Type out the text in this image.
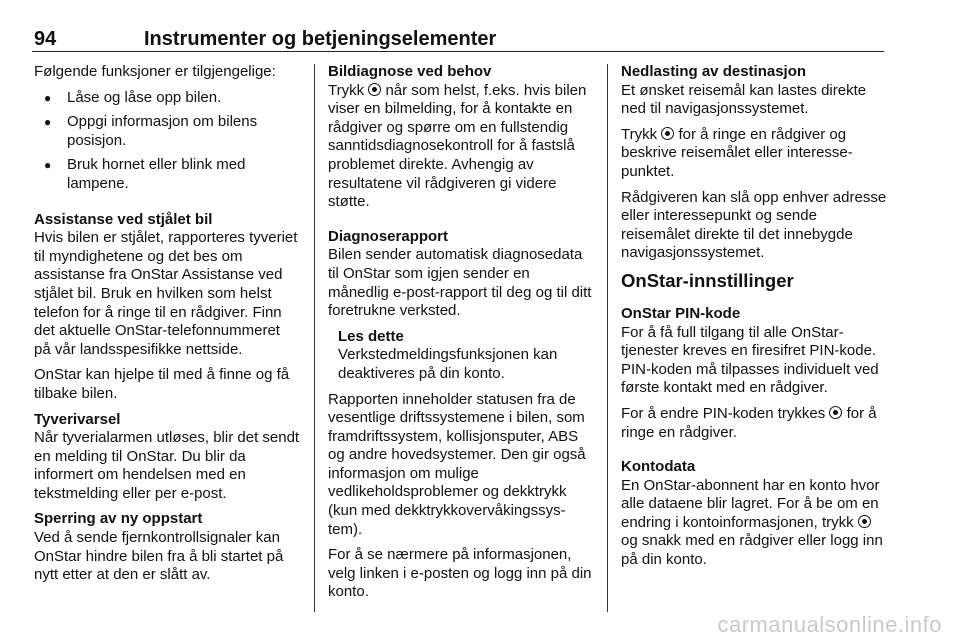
94	Instrumenter og betjeningselementer

Følgende funksjoner er tilgjengelige:

● Låse og låse opp bilen.
● Oppgi informasjon om bilens posisjon.
● Bruk hornet eller blink med lampene.

Assistanse ved stjålet bil
Hvis bilen er stjålet, rapporteres tyveriet til myndighetene og det bes om assistanse fra OnStar Assistanse ved stjålet bil. Bruk en hvilken som helst telefon for å ringe til en rådgiver. Finn det aktuelle OnStar-telefonnummeret på vår landsspesifikke nettside.

OnStar kan hjelpe til med å finne og få tilbake bilen.

Tyverivarsel
Når tyverialarmen utløses, blir det sendt en melding til OnStar. Du blir da informert om hendelsen med en tekstmelding eller per e-post.

Sperring av ny oppstart
Ved å sende fjernkontrollsignaler kan OnStar hindre bilen fra å bli startet på nytt etter at den er slått av.

Bildiagnose ved behov
Trykk når som helst, f.eks. hvis bilen viser en bilmelding, for å kontakte en rådgiver og spørre om en fullstendig sanntidsdiagnosekontroll for å fastslå problemet direkte. Avhengig av resultatene vil rådgiveren gi videre støtte.

Diagnoserapport
Bilen sender automatisk diagnosedata til OnStar som igjen sender en månedlig e-post-rapport til deg og til ditt foretrukne verksted.

Les dette
Verkstedmeldingsfunksjonen kan deaktiveres på din konto.

Rapporten inneholder statusen fra de vesentlige driftssystemene i bilen, som framdriftssystem, kollisjonsputer, ABS og andre hovedsystemer. Den gir også informasjon om mulige vedlikeholdsproblemer og dekktrykk (kun med dekktrykkovervåkingssystem).

For å se nærmere på informasjonen, velg linken i e-posten og logg inn på din konto.

Nedlasting av destinasjon
Et ønsket reisemål kan lastes direkte ned til navigasjonssystemet.

Trykk for å ringe en rådgiver og beskrive reisemålet eller interessepunktet.

Rådgiveren kan slå opp enhver adresse eller interessepunkt og sende reisemålet direkte til det innebygde navigasjonssystemet.

OnStar-innstillinger

OnStar PIN-kode
For å få full tilgang til alle OnStar-tjenester kreves en firesifret PIN-kode. PIN-koden må tilpasses individuelt ved første kontakt med en rådgiver.

For å endre PIN-koden trykkes for å ringe en rådgiver.

Kontodata
En OnStar-abonnent har en konto hvor alle dataene blir lagret. For å be om en endring i kontoinformasjonen, trykk  og snakk med en rådgiver eller logg inn på din konto.

carmanualsonline.info
